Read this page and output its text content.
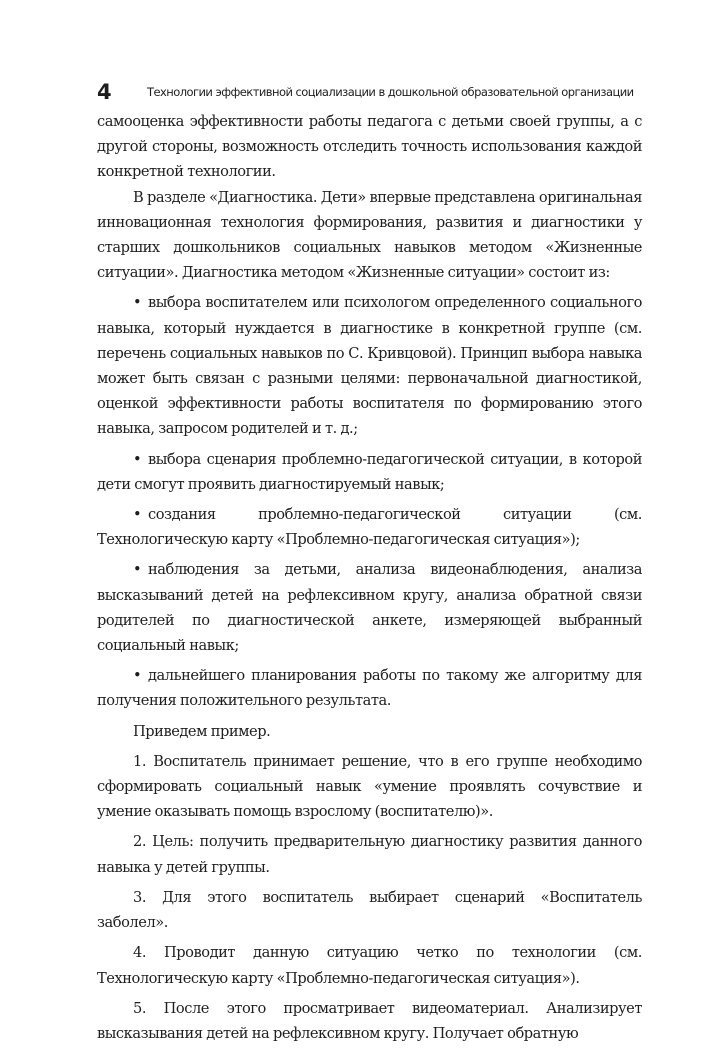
4	Технологии эффективной социализации в дошкольной образовательной организации

самооценка эффективности работы педагога с детьми своей группы, а с другой стороны, возможность отследить точность использования каждой конкретной технологии.

В разделе «Диагностика. Дети» впервые представлена оригинальная инновационная технология формирования, развития и диагностики у старших дошкольников социальных навыков методом «Жизненные ситуации». Диагностика методом «Жизненные ситуации» состоит из:

• выбора воспитателем или психологом определенного социального навыка, который нуждается в диагностике в конкретной группе (см. перечень социальных навыков по С. Кривцовой). Принцип выбора навыка может быть связан с разными целями: первоначальной диагностикой, оценкой эффективности работы воспитателя по формированию этого навыка, запросом родителей и т. д.;

• выбора сценария проблемно-педагогической ситуации, в которой дети смогут проявить диагностируемый навык;

• создания проблемно-педагогической ситуации (см. Технологическую карту «Проблемно-педагогическая ситуация»);

• наблюдения за детьми, анализа видеонаблюдения, анализа высказываний детей на рефлексивном кругу, анализа обратной связи родителей по диагностической анкете, измеряющей выбранный социальный навык;

• дальнейшего планирования работы по такому же алгоритму для получения положительного результата.

Приведем пример.

1. Воспитатель принимает решение, что в его группе необходимо сформировать социальный навык «умение проявлять сочувствие и умение оказывать помощь взрослому (воспитателю)».

2. Цель: получить предварительную диагностику развития данного навыка у детей группы.

3. Для этого воспитатель выбирает сценарий «Воспитатель заболел».

4. Проводит данную ситуацию четко по технологии (см. Технологическую карту «Проблемно-педагогическая ситуация»).

5. После этого просматривает видеоматериал. Анализирует высказывания детей на рефлексивном кругу. Получает обратную
